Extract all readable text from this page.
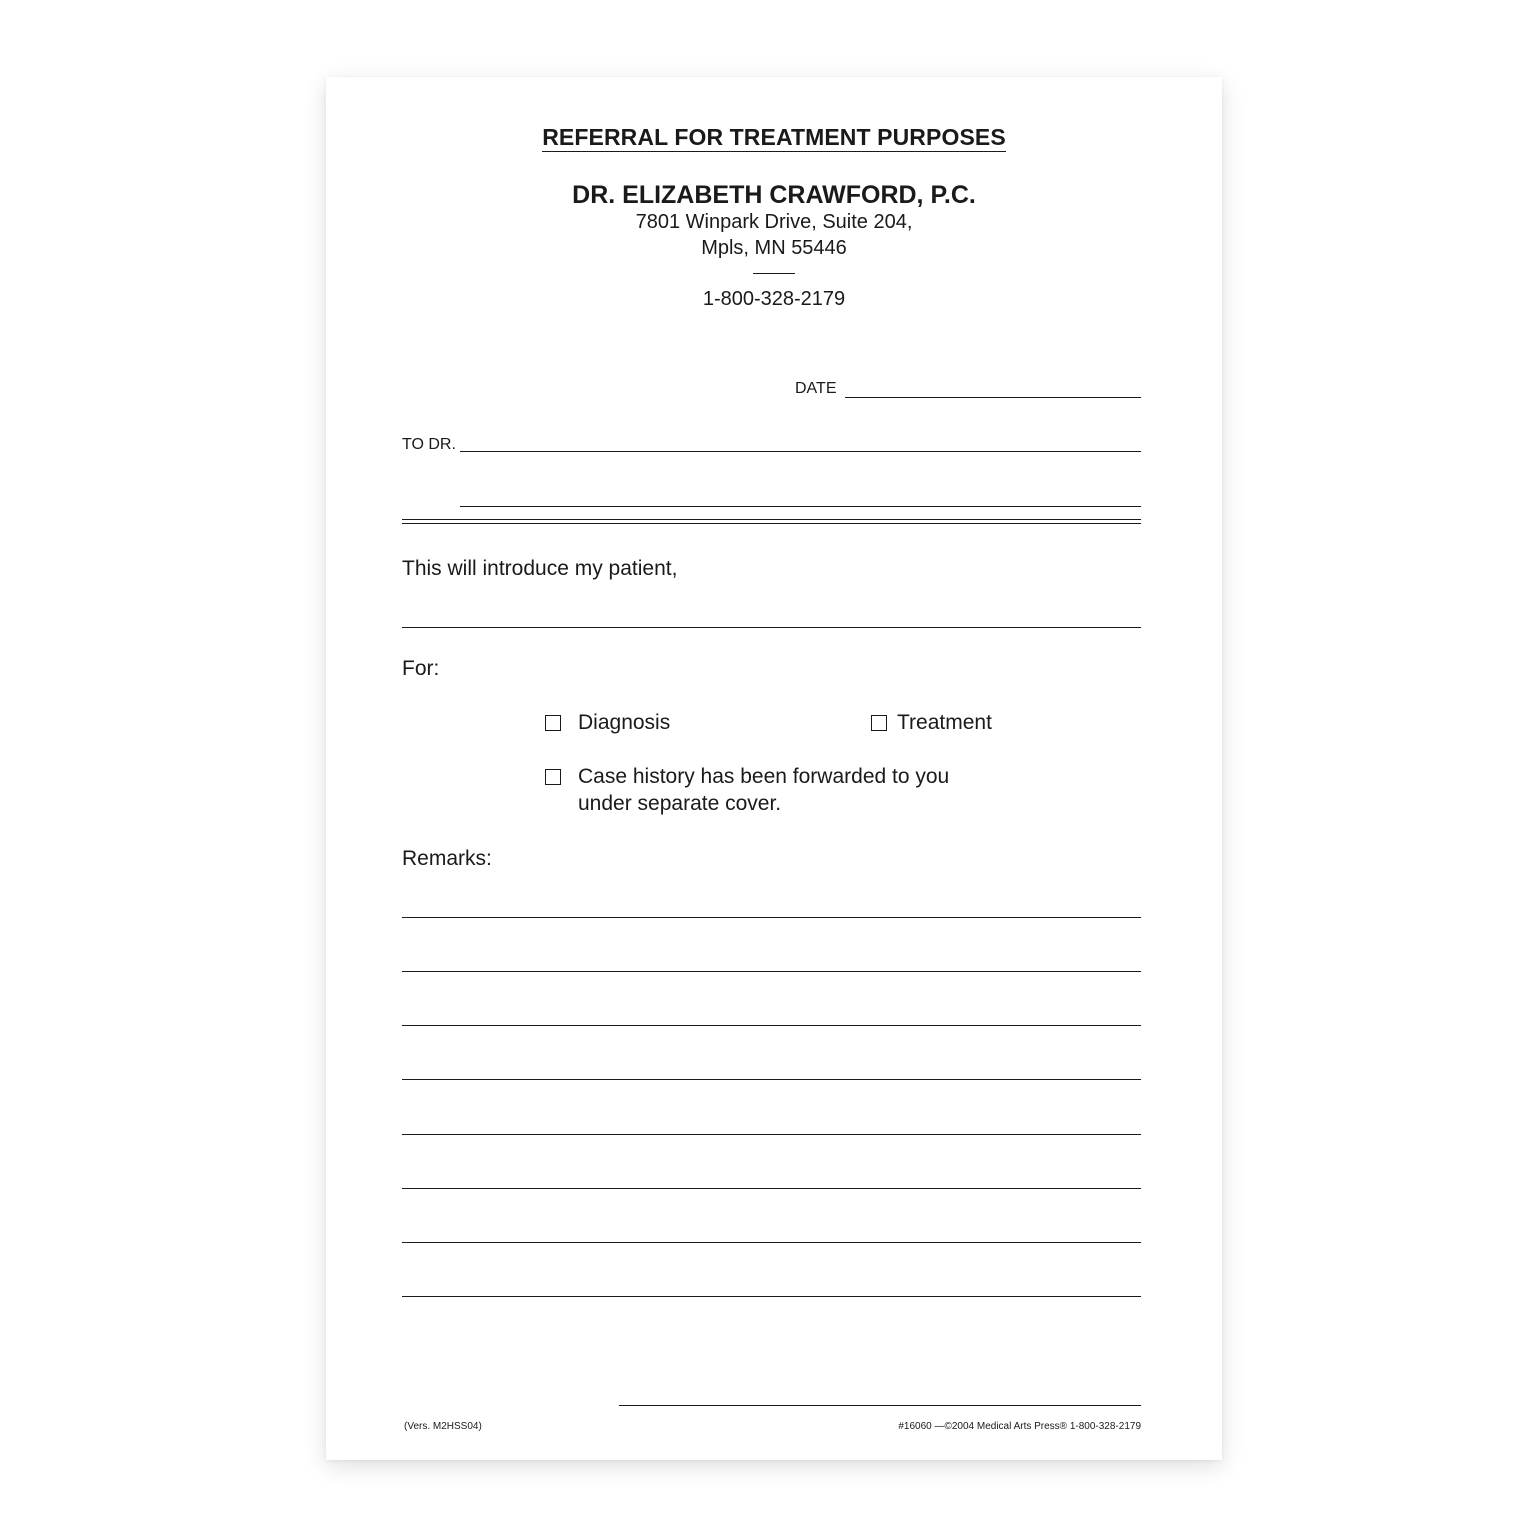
REFERRAL FOR TREATMENT PURPOSES
DR. ELIZABETH CRAWFORD, P.C.
7801 Winpark Drive, Suite 204,
Mpls, MN 55446
1-800-328-2179
DATE
TO DR.
This will introduce my patient,
For:
Diagnosis	Treatment
Case history has been forwarded to you
under separate cover.
Remarks:
(Vers. M2HSS04)	#16060 —©2004 Medical Arts Press® 1-800-328-2179
